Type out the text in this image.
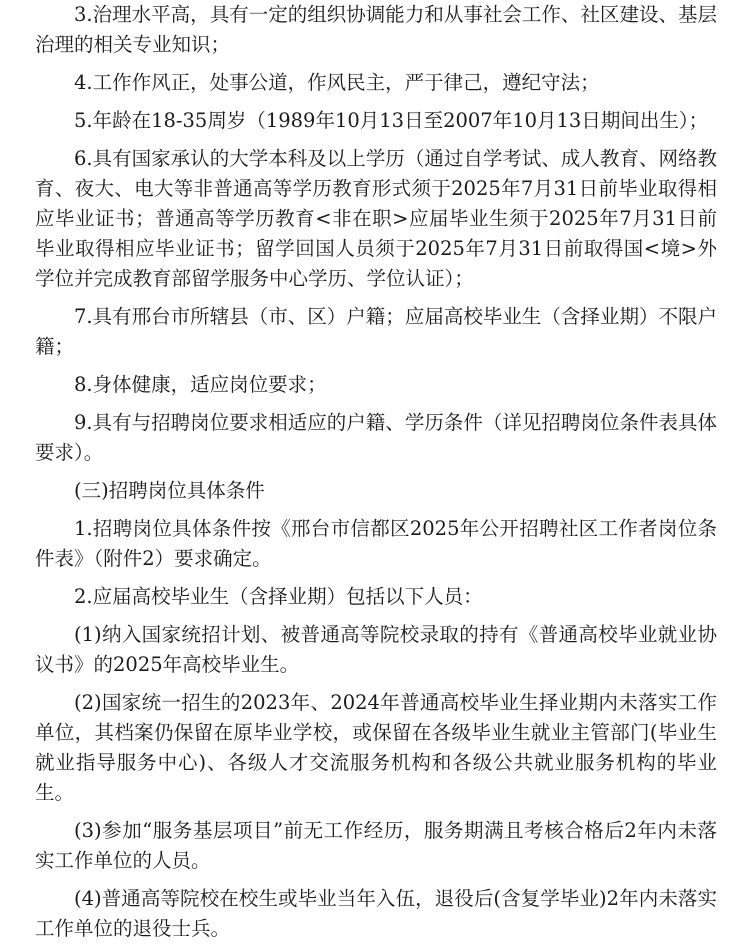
3.治理水平高，具有一定的组织协调能力和从事社会工作、社区建设、基层治理的相关专业知识；

4.工作作风正，处事公道，作风民主，严于律己，遵纪守法；

5.年龄在18-35周岁（1989年10月13日至2007年10月13日期间出生）；

6.具有国家承认的大学本科及以上学历（通过自学考试、成人教育、网络教育、夜大、电大等非普通高等学历教育形式须于2025年7月31日前毕业取得相应毕业证书；普通高等学历教育<非在职>应届毕业生须于2025年7月31日前毕业取得相应毕业证书；留学回国人员须于2025年7月31日前取得国<境>外学位并完成教育部留学服务中心学历、学位认证）；

7.具有邢台市所辖县（市、区）户籍；应届高校毕业生（含择业期）不限户籍；

8.身体健康，适应岗位要求；

9.具有与招聘岗位要求相适应的户籍、学历条件（详见招聘岗位条件表具体要求）。

(三)招聘岗位具体条件

1.招聘岗位具体条件按《邢台市信都区2025年公开招聘社区工作者岗位条件表》（附件2）要求确定。

2.应届高校毕业生（含择业期）包括以下人员：

(1)纳入国家统招计划、被普通高等院校录取的持有《普通高校毕业就业协议书》的2025年高校毕业生。

(2)国家统一招生的2023年、2024年普通高校毕业生择业期内未落实工作单位，其档案仍保留在原毕业学校，或保留在各级毕业生就业主管部门(毕业生就业指导服务中心)、各级人才交流服务机构和各级公共就业服务机构的毕业生。

(3)参加“服务基层项目”前无工作经历，服务期满且考核合格后2年内未落实工作单位的人员。

(4)普通高等院校在校生或毕业当年入伍，退役后(含复学毕业)2年内未落实工作单位的退役士兵。
